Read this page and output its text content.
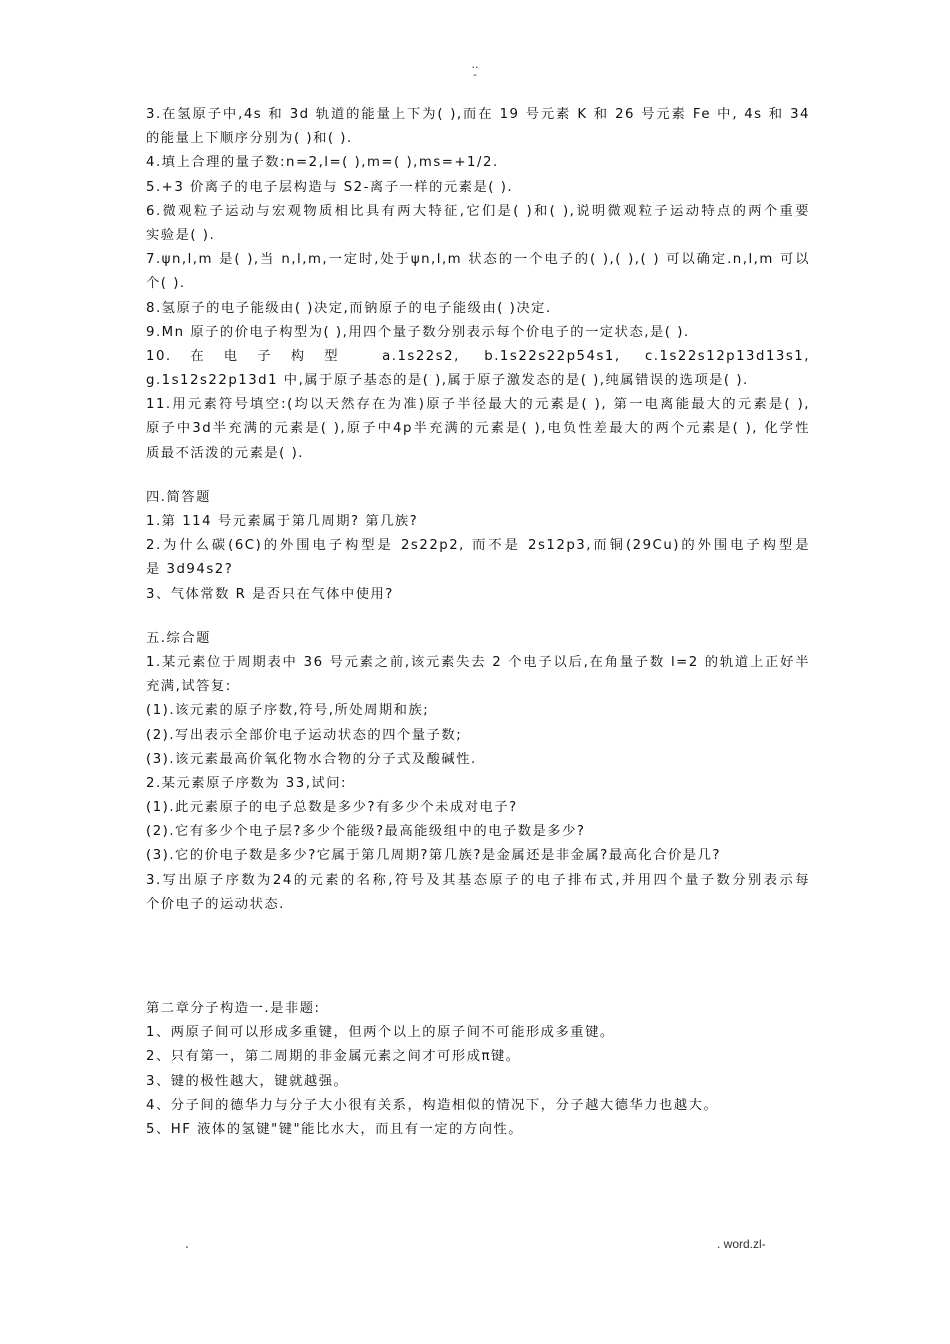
..
-
3.在氢原子中,4s 和 3d 轨道的能量上下为( ),而在 19 号元素 K 和 26 号元素 Fe 中, 4s 和 34
的能量上下顺序分别为( )和( ).
4.填上合理的量子数:n=2,l=( ),m=( ),ms=+1/2.
5.+3 价离子的电子层构造与 S2-离子一样的元素是( ).
6.微观粒子运动与宏观物质相比具有两大特征,它们是( )和( ),说明微观粒子运动特点的两个重要
实验是( ).
7.ψn,l,m 是( ),当 n,l,m,一定时,处于ψn,l,m 状态的一个电子的( ),( ),( ) 可以确定.n,l,m 可以
个( ).
8.氢原子的电子能级由( )决定,而钠原子的电子能级由( )决定.
9.Mn 原子的价电子构型为( ),用四个量子数分别表示每个价电子的一定状态,是( ).
10.在电子构型 a.1s22s2, b.1s22s22p54s1, c.1s22s12p13d13s1,
g.1s12s22p13d1 中,属于原子基态的是( ),属于原子激发态的是( ),纯属错误的选项是( ).
11.用元素符号填空:(均以天然存在为准)原子半径最大的元素是( ), 第一电离能最大的元素是( ),
原子中3d半充满的元素是( ),原子中4p半充满的元素是( ),电负性差最大的两个元素是( ), 化学性
质最不活泼的元素是( ).
四.简答题
1.第 114 号元素属于第几周期? 第几族?
2.为什么碳(6C)的外围电子构型是 2s22p2, 而不是 2s12p3,而铜(29Cu)的外围电子构型是
是 3d94s2?
3、气体常数 R 是否只在气体中使用?
五.综合题
1.某元素位于周期表中 36 号元素之前,该元素失去 2 个电子以后,在角量子数 l=2 的轨道上正好半
充满,试答复:
(1).该元素的原子序数,符号,所处周期和族;
(2).写出表示全部价电子运动状态的四个量子数;
(3).该元素最高价氧化物水合物的分子式及酸碱性.
2.某元素原子序数为 33,试问:
(1).此元素原子的电子总数是多少?有多少个未成对电子?
(2).它有多少个电子层?多少个能级?最高能级组中的电子数是多少?
(3).它的价电子数是多少?它属于第几周期?第几族?是金属还是非金属?最高化合价是几?
3.写出原子序数为24的元素的名称,符号及其基态原子的电子排布式,并用四个量子数分别表示每
个价电子的运动状态.
第二章分子构造一.是非题:
1、两原子间可以形成多重键，但两个以上的原子间不可能形成多重键。
2、只有第一，第二周期的非金属元素之间才可形成π键。
3、键的极性越大，键就越强。
4、分子间的德华力与分子大小很有关系，构造相似的情况下，分子越大德华力也越大。
5、HF 液体的氢键"键"能比水大，而且有一定的方向性。
.	. word.zl-
